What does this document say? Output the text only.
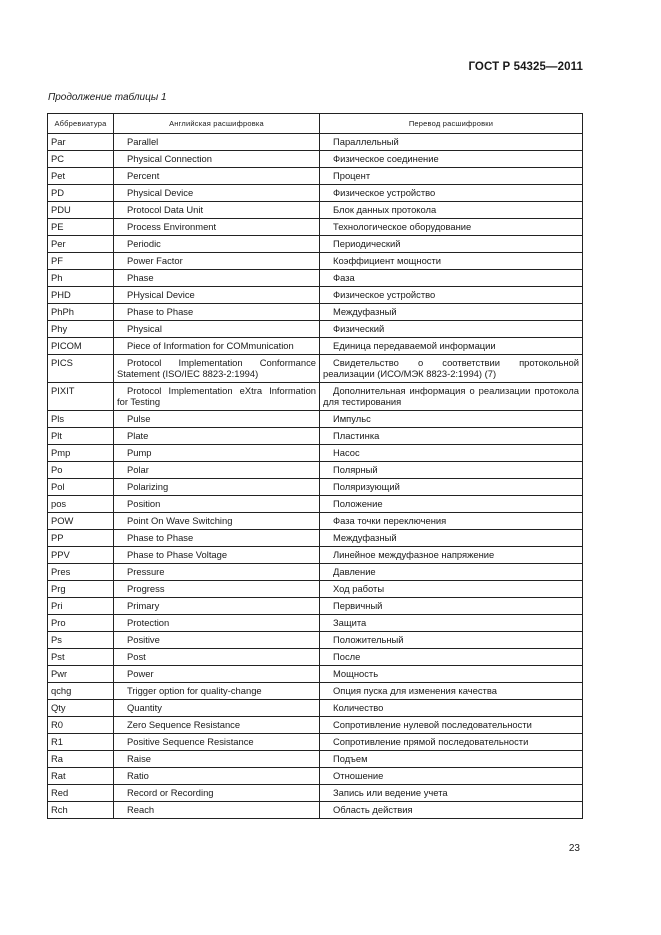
ГОСТ Р 54325—2011
Продолжение таблицы 1
Аббревиатура	Английская расшифровка	Перевод расшифровки
Par	Parallel	Параллельный
PC	Physical Connection	Физическое соединение
Pet	Percent	Процент
PD	Physical Device	Физическое устройство
PDU	Protocol Data Unit	Блок данных протокола
PE	Process Environment	Технологическое оборудование
Per	Periodic	Периодический
PF	Power Factor	Коэффициент мощности
Ph	Phase	Фаза
PHD	PHysical Device	Физическое устройство
PhPh	Phase to Phase	Междуфазный
Phy	Physical	Физический
PICOM	Piece of Information for COMmunication	Единица передаваемой информации
PICS	Protocol Implementation Conformance Statement (ISO/IEC 8823-2:1994)	Свидетельство о соответствии протокольной реализации (ИСО/МЭК 8823-2:1994) (7)
PIXIT	Protocol Implementation eXtra Information for Testing	Дополнительная информация о реализации протокола для тестирования
Pls	Pulse	Импульс
Plt	Plate	Пластинка
Pmp	Pump	Насос
Po	Polar	Полярный
Pol	Polarizing	Поляризующий
pos	Position	Положение
POW	Point On Wave Switching	Фаза точки переключения
PP	Phase to Phase	Междуфазный
PPV	Phase to Phase Voltage	Линейное междуфазное напряжение
Pres	Pressure	Давление
Prg	Progress	Ход работы
Pri	Primary	Первичный
Pro	Protection	Защита
Ps	Positive	Положительный
Pst	Post	После
Pwr	Power	Мощность
qchg	Trigger option for quality-change	Опция пуска для изменения качества
Qty	Quantity	Количество
R0	Zero Sequence Resistance	Сопротивление нулевой последовательности
R1	Positive Sequence Resistance	Сопротивление прямой последовательности
Ra	Raise	Подъем
Rat	Ratio	Отношение
Red	Record or Recording	Запись или ведение учета
Rch	Reach	Область действия
23
